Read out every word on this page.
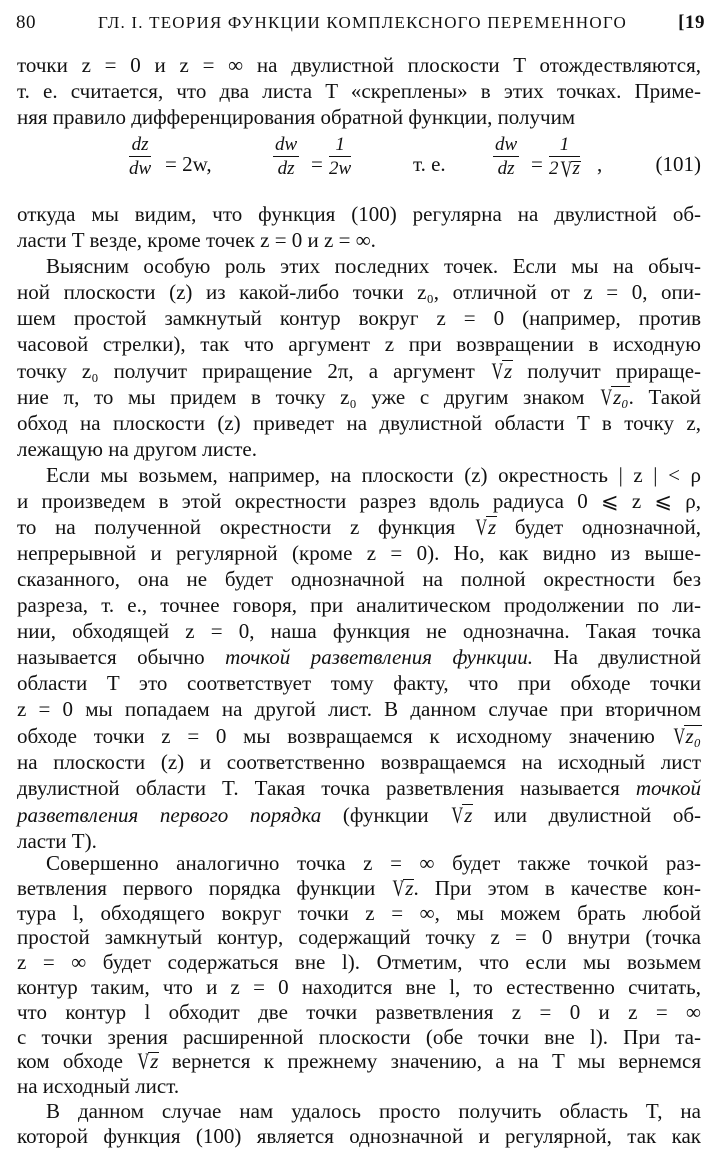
80	ГЛ. I. ТЕОРИЯ ФУНКЦИИ КОМПЛЕКСНОГО ПЕРЕМЕННОГО	[19
точки z = 0 и z = ∞ на двулистной плоскости T отождествляются,
т. е. считается, что два листа T «скреплены» в этих точках. Приме-
няя правило дифференцирования обратной функции, получим
$\frac{dz}{dw} = 2w$,	$\frac{dw}{dz} = \frac{1}{2w}$	т. е. $\frac{dw}{dz} = \frac{1}{\text{2 V z}}$ ,	(101)
откуда мы видим, что функция (100) регулярна на двулистной об-
ласти T везде, кроме точек z = 0 и z = ∞.
Выясним особую роль этих последних точек. Если мы на обыч-
ной плоскости (z) из какой-либо точки z₀, отличной от z = 0, опи-
шем простой замкнутый контур вокруг z = 0 (например, против
часовой стрелки), так что аргумент z при возвращении в исходную
точку z₀ получит приращение 2π, а аргумент V z получит прираще-
ние π, то мы придем в точку z₀ уже с другим знаком V z₀. Такой
обход на плоскости (z) приведет на двулистной области T в точку z,
лежащую на другом листе.
Если мы возьмем, например, на плоскости (z) окрестность | z | < ρ
и произведем в этой окрестности разрез вдоль радиуса 0 ⩽ z ⩽ ρ,
то на полученной окрестности z функция V z будет однозначной,
непрерывной и регулярной (кроме z = 0). Но, как видно из выше-
сказанного, она не будет однозначной на полной окрестности без
разреза, т. е., точнее говоря, при аналитическом продолжении по ли-
нии, обходящей z = 0, наша функция не однозначна. Такая точка
называется обычно точкой разветвления функции. На двулистной
области T это соответствует тому факту, что при обходе точки
z = 0 мы попадаем на другой лист. В данном случае при вторичном
обходе точки z = 0 мы возвращаемся к исходному значению V z₀
на плоскости (z) и соответственно возвращаемся на исходный лист
двулистной области T. Такая точка разветвления называется точкой
разветвления первого порядка (функции V z или двулистной об-
ласти T).
Совершенно аналогично точка z = ∞ будет также точкой раз-
ветвления первого порядка функции V z. При этом в качестве кон-
тура l, обходящего вокруг точки z = ∞, мы можем брать любой
простой замкнутый контур, содержащий точку z = 0 внутри (точка
z = ∞ будет содержаться вне l). Отметим, что если мы возьмем
контур таким, что и z = 0 находится вне l, то естественно считать,
что контур l обходит две точки разветвления z = 0 и z = ∞
с точки зрения расширенной плоскости (обе точки вне l). При та-
ком обходе V z вернется к прежнему значению, а на T мы вернемся
на исходный лист.
В данном случае нам удалось просто получить область T, на
которой функция (100) является однозначной и регулярной, так как
